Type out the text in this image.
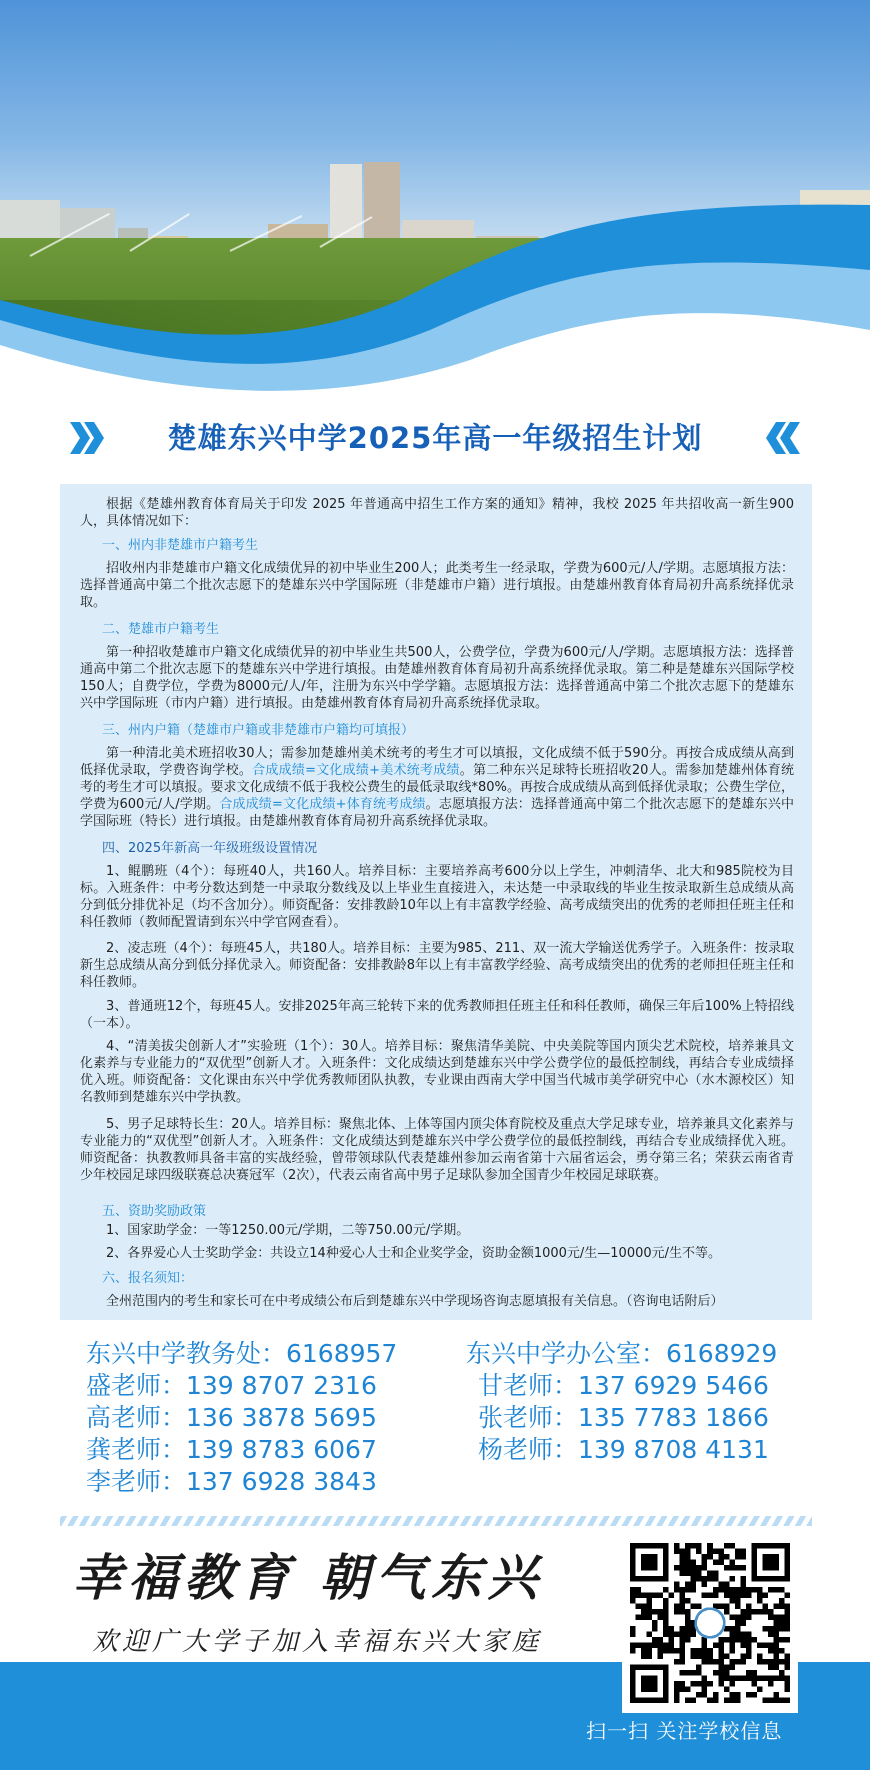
楚雄东兴中学2025年高一年级招生计划
根据《楚雄州教育体育局关于印发 2025 年普通高中招生工作方案的通知》精神，我校 2025 年共招收高一新生900人，具体情况如下：
一、州内非楚雄市户籍考生
招收州内非楚雄市户籍文化成绩优异的初中毕业生200人；此类考生一经录取，学费为600元/人/学期。志愿填报方法：选择普通高中第二个批次志愿下的楚雄东兴中学国际班（非楚雄市户籍）进行填报。由楚雄州教育体育局初升高系统择优录取。
二、楚雄市户籍考生
第一种招收楚雄市户籍文化成绩优异的初中毕业生共500人，公费学位，学费为600元/人/学期。志愿填报方法：选择普通高中第二个批次志愿下的楚雄东兴中学进行填报。由楚雄州教育体育局初升高系统择优录取。第二种是楚雄东兴国际学校150人；自费学位，学费为8000元/人/年，注册为东兴中学学籍。志愿填报方法：选择普通高中第二个批次志愿下的楚雄东兴中学国际班（市内户籍）进行填报。由楚雄州教育体育局初升高系统择优录取。
三、州内户籍（楚雄市户籍或非楚雄市户籍均可填报）
第一种清北美术班招收30人；需参加楚雄州美术统考的考生才可以填报，文化成绩不低于590分。再按合成成绩从高到低择优录取，学费咨询学校。合成成绩=文化成绩+美术统考成绩。第二种东兴足球特长班招收20人。需参加楚雄州体育统考的考生才可以填报。要求文化成绩不低于我校公费生的最低录取线*80%。再按合成成绩从高到低择优录取；公费生学位，学费为600元/人/学期。合成成绩=文化成绩+体育统考成绩。志愿填报方法：选择普通高中第二个批次志愿下的楚雄东兴中学国际班（特长）进行填报。由楚雄州教育体育局初升高系统择优录取。
四、2025年新高一年级班级设置情况
1、鲲鹏班（4个）：每班40人，共160人。培养目标：主要培养高考600分以上学生，冲刺清华、北大和985院校为目标。入班条件：中考分数达到楚一中录取分数线及以上毕业生直接进入，未达楚一中录取线的毕业生按录取新生总成绩从高分到低分排优补足（均不含加分）。师资配备：安排教龄10年以上有丰富教学经验、高考成绩突出的优秀的老师担任班主任和科任教师（教师配置请到东兴中学官网查看）。
2、凌志班（4个）：每班45人，共180人。培养目标：主要为985、211、双一流大学输送优秀学子。入班条件：按录取新生总成绩从高分到低分择优录入。师资配备：安排教龄8年以上有丰富教学经验、高考成绩突出的优秀的老师担任班主任和科任教师。
3、普通班12个，每班45人。安排2025年高三轮转下来的优秀教师担任班主任和科任教师，确保三年后100%上特招线（一本）。
4、“清美拔尖创新人才”实验班（1个）：30人。培养目标：聚焦清华美院、中央美院等国内顶尖艺术院校，培养兼具文化素养与专业能力的“双优型”创新人才。入班条件：文化成绩达到楚雄东兴中学公费学位的最低控制线，再结合专业成绩择优入班。师资配备：文化课由东兴中学优秀教师团队执教，专业课由西南大学中国当代城市美学研究中心（水木源校区）知名教师到楚雄东兴中学执教。
5、男子足球特长生：20人。培养目标：聚焦北体、上体等国内顶尖体育院校及重点大学足球专业，培养兼具文化素养与专业能力的“双优型”创新人才。入班条件：文化成绩达到楚雄东兴中学公费学位的最低控制线，再结合专业成绩择优入班。师资配备：执教教师具备丰富的实战经验，曾带领球队代表楚雄州参加云南省第十六届省运会，勇夺第三名；荣获云南省青少年校园足球四级联赛总决赛冠军（2次），代表云南省高中男子足球队参加全国青少年校园足球联赛。
五、资助奖励政策
1、国家助学金：一等1250.00元/学期，二等750.00元/学期。
2、各界爱心人士奖助学金：共设立14种爱心人士和企业奖学金，资助金额1000元/生—10000元/生不等。
六、报名须知：
全州范围内的考生和家长可在中考成绩公布后到楚雄东兴中学现场咨询志愿填报有关信息。（咨询电话附后）
东兴中学教务处：6168957	东兴中学办公室：6168929
盛老师：139 8707 2316	甘老师：137 6929 5466
高老师：136 3878 5695	张老师：135 7783 1866
龚老师：139 8783 6067	杨老师：139 8708 4131
李老师：137 6928 3843
幸福教育 朝气东兴
欢迎广大学子加入幸福东兴大家庭
扫一扫 关注学校信息
